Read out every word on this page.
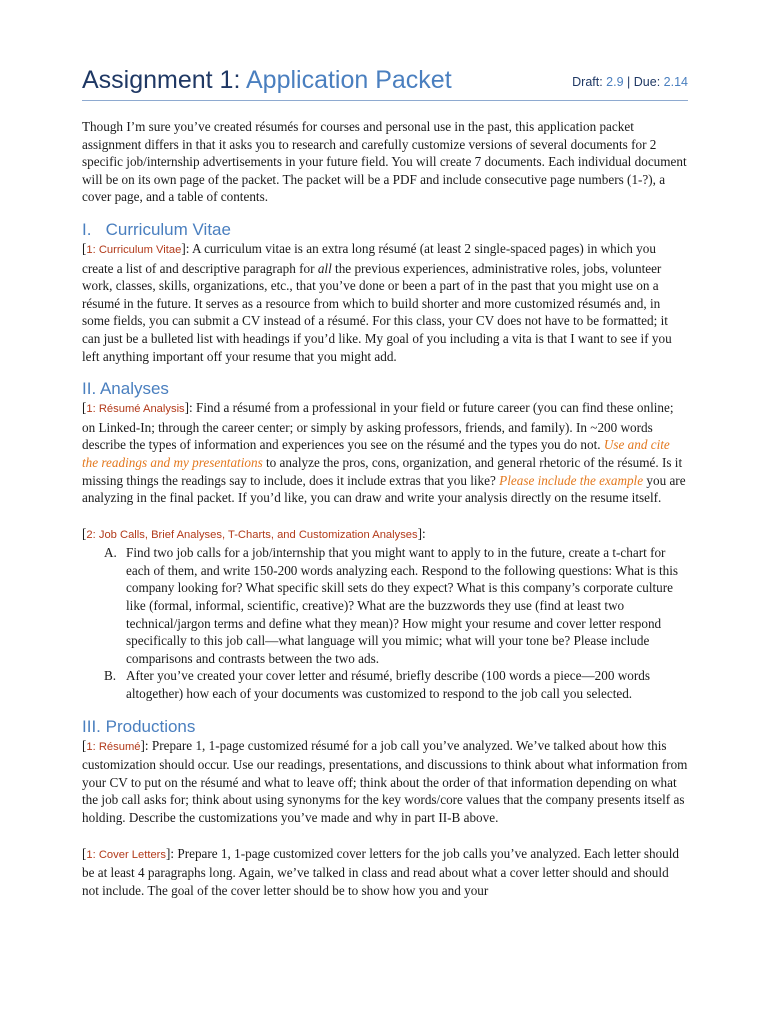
Assignment 1: Application Packet	Draft: 2.9 | Due: 2.14

Though I’m sure you’ve created résumés for courses and personal use in the past, this application packet assignment differs in that it asks you to research and carefully customize versions of several documents for 2 specific job/internship advertisements in your future field. You will create 7 documents. Each individual document will be on its own page of the packet. The packet will be a PDF and include consecutive page numbers (1-?), a cover page, and a table of contents.

I.   Curriculum Vitae

[1: Curriculum Vitae]: A curriculum vitae is an extra long résumé (at least 2 single-spaced pages) in which you create a list of and descriptive paragraph for all the previous experiences, administrative roles, jobs, volunteer work, classes, skills, organizations, etc., that you’ve done or been a part of in the past that you might use on a résumé in the future. It serves as a resource from which to build shorter and more customized résumés and, in some fields, you can submit a CV instead of a résumé. For this class, your CV does not have to be formatted; it can just be a bulleted list with headings if you’d like. My goal of you including a vita is that I want to see if you left anything important off your resume that you might add.

II. Analyses

[1: Résumé Analysis]: Find a résumé from a professional in your field or future career (you can find these online; on Linked-In; through the career center; or simply by asking professors, friends, and family). In ~200 words describe the types of information and experiences you see on the résumé and the types you do not. Use and cite the readings and my presentations to analyze the pros, cons, organization, and general rhetoric of the résumé. Is it missing things the readings say to include, does it include extras that you like? Please include the example you are analyzing in the final packet. If you’d like, you can draw and write your analysis directly on the resume itself.

[2: Job Calls, Brief Analyses, T-Charts, and Customization Analyses]:

A. Find two job calls for a job/internship that you might want to apply to in the future, create a t-chart for each of them, and write 150-200 words analyzing each. Respond to the following questions: What is this company looking for? What specific skill sets do they expect? What is this company’s corporate culture like (formal, informal, scientific, creative)? What are the buzzwords they use (find at least two technical/jargon terms and define what they mean)? How might your resume and cover letter respond specifically to this job call—what language will you mimic; what will your tone be? Please include comparisons and contrasts between the two ads.
B. After you’ve created your cover letter and résumé, briefly describe (100 words a piece—200 words altogether) how each of your documents was customized to respond to the job call you selected.
III. Productions

[1: Résumé]: Prepare 1, 1-page customized résumé for a job call you’ve analyzed. We’ve talked about how this customization should occur. Use our readings, presentations, and discussions to think about what information from your CV to put on the résumé and what to leave off; think about the order of that information depending on what the job call asks for; think about using synonyms for the key words/core values that the company presents itself as holding. Describe the customizations you’ve made and why in part II-B above.

[1: Cover Letters]: Prepare 1, 1-page customized cover letters for the job calls you’ve analyzed. Each letter should be at least 4 paragraphs long. Again, we’ve talked in class and read about what a cover letter should and should not include. The goal of the cover letter should be to show how you and your
